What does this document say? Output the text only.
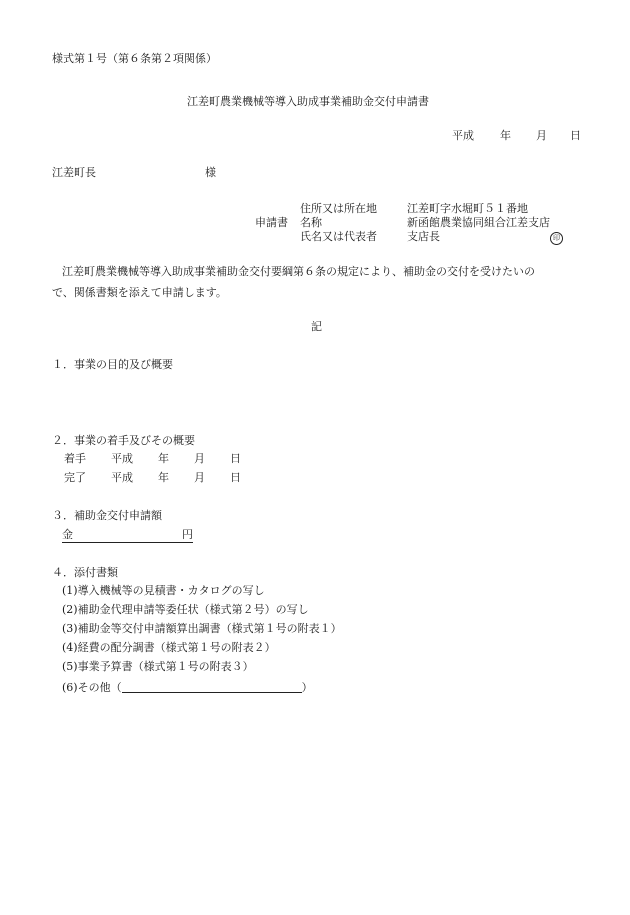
様式第１号（第６条第２項関係）
江差町農業機械等導入助成事業補助金交付申請書
平成 年 月 日
江差町長	様
住所又は所在地	江差町字水堀町５１番地
申請書 名称	新函館農業協同組合江差支店
氏名又は代表者	支店長	印
江差町農業機械等導入助成事業補助金交付要綱第６条の規定により、補助金の交付を受けたいの
で、関係書類を添えて申請します。
記
１．事業の目的及び概要
２．事業の着手及びその概要
着手 平成 年 月 日
完了 平成 年 月 日
３．補助金交付申請額
金	円
４．添付書類
(1)導入機械等の見積書・カタログの写し
(2)補助金代理申請等委任状（様式第２号）の写し
(3)補助金等交付申請額算出調書（様式第１号の附表１）
(4)経費の配分調書（様式第１号の附表２）
(5)事業予算書（様式第１号の附表３）
(6)その他（	）
